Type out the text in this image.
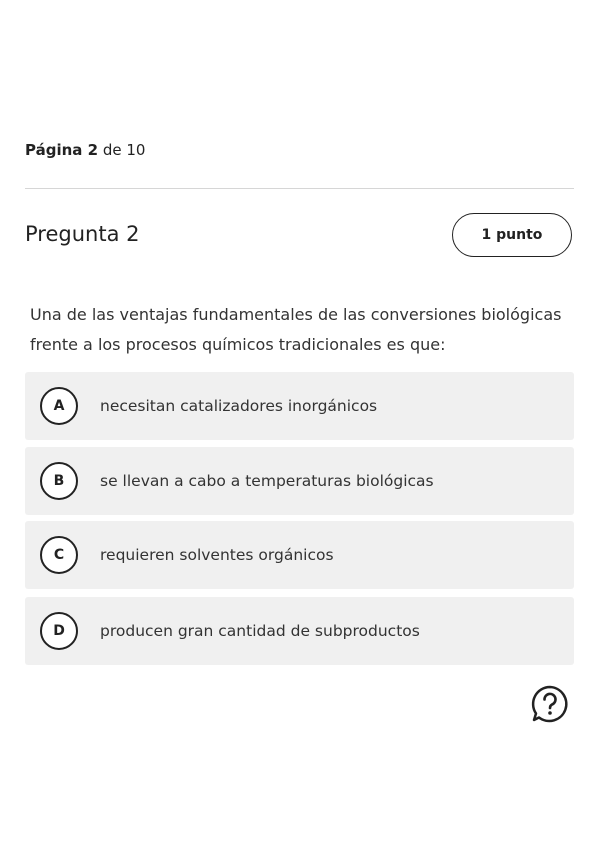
Página 2 de 10
Pregunta 2	1 punto
Una de las ventajas fundamentales de las conversiones biológicas frente a los procesos químicos tradicionales es que:
A	necesitan catalizadores inorgánicos
B	se llevan a cabo a temperaturas biológicas
C	requieren solventes orgánicos
D	producen gran cantidad de subproductos
